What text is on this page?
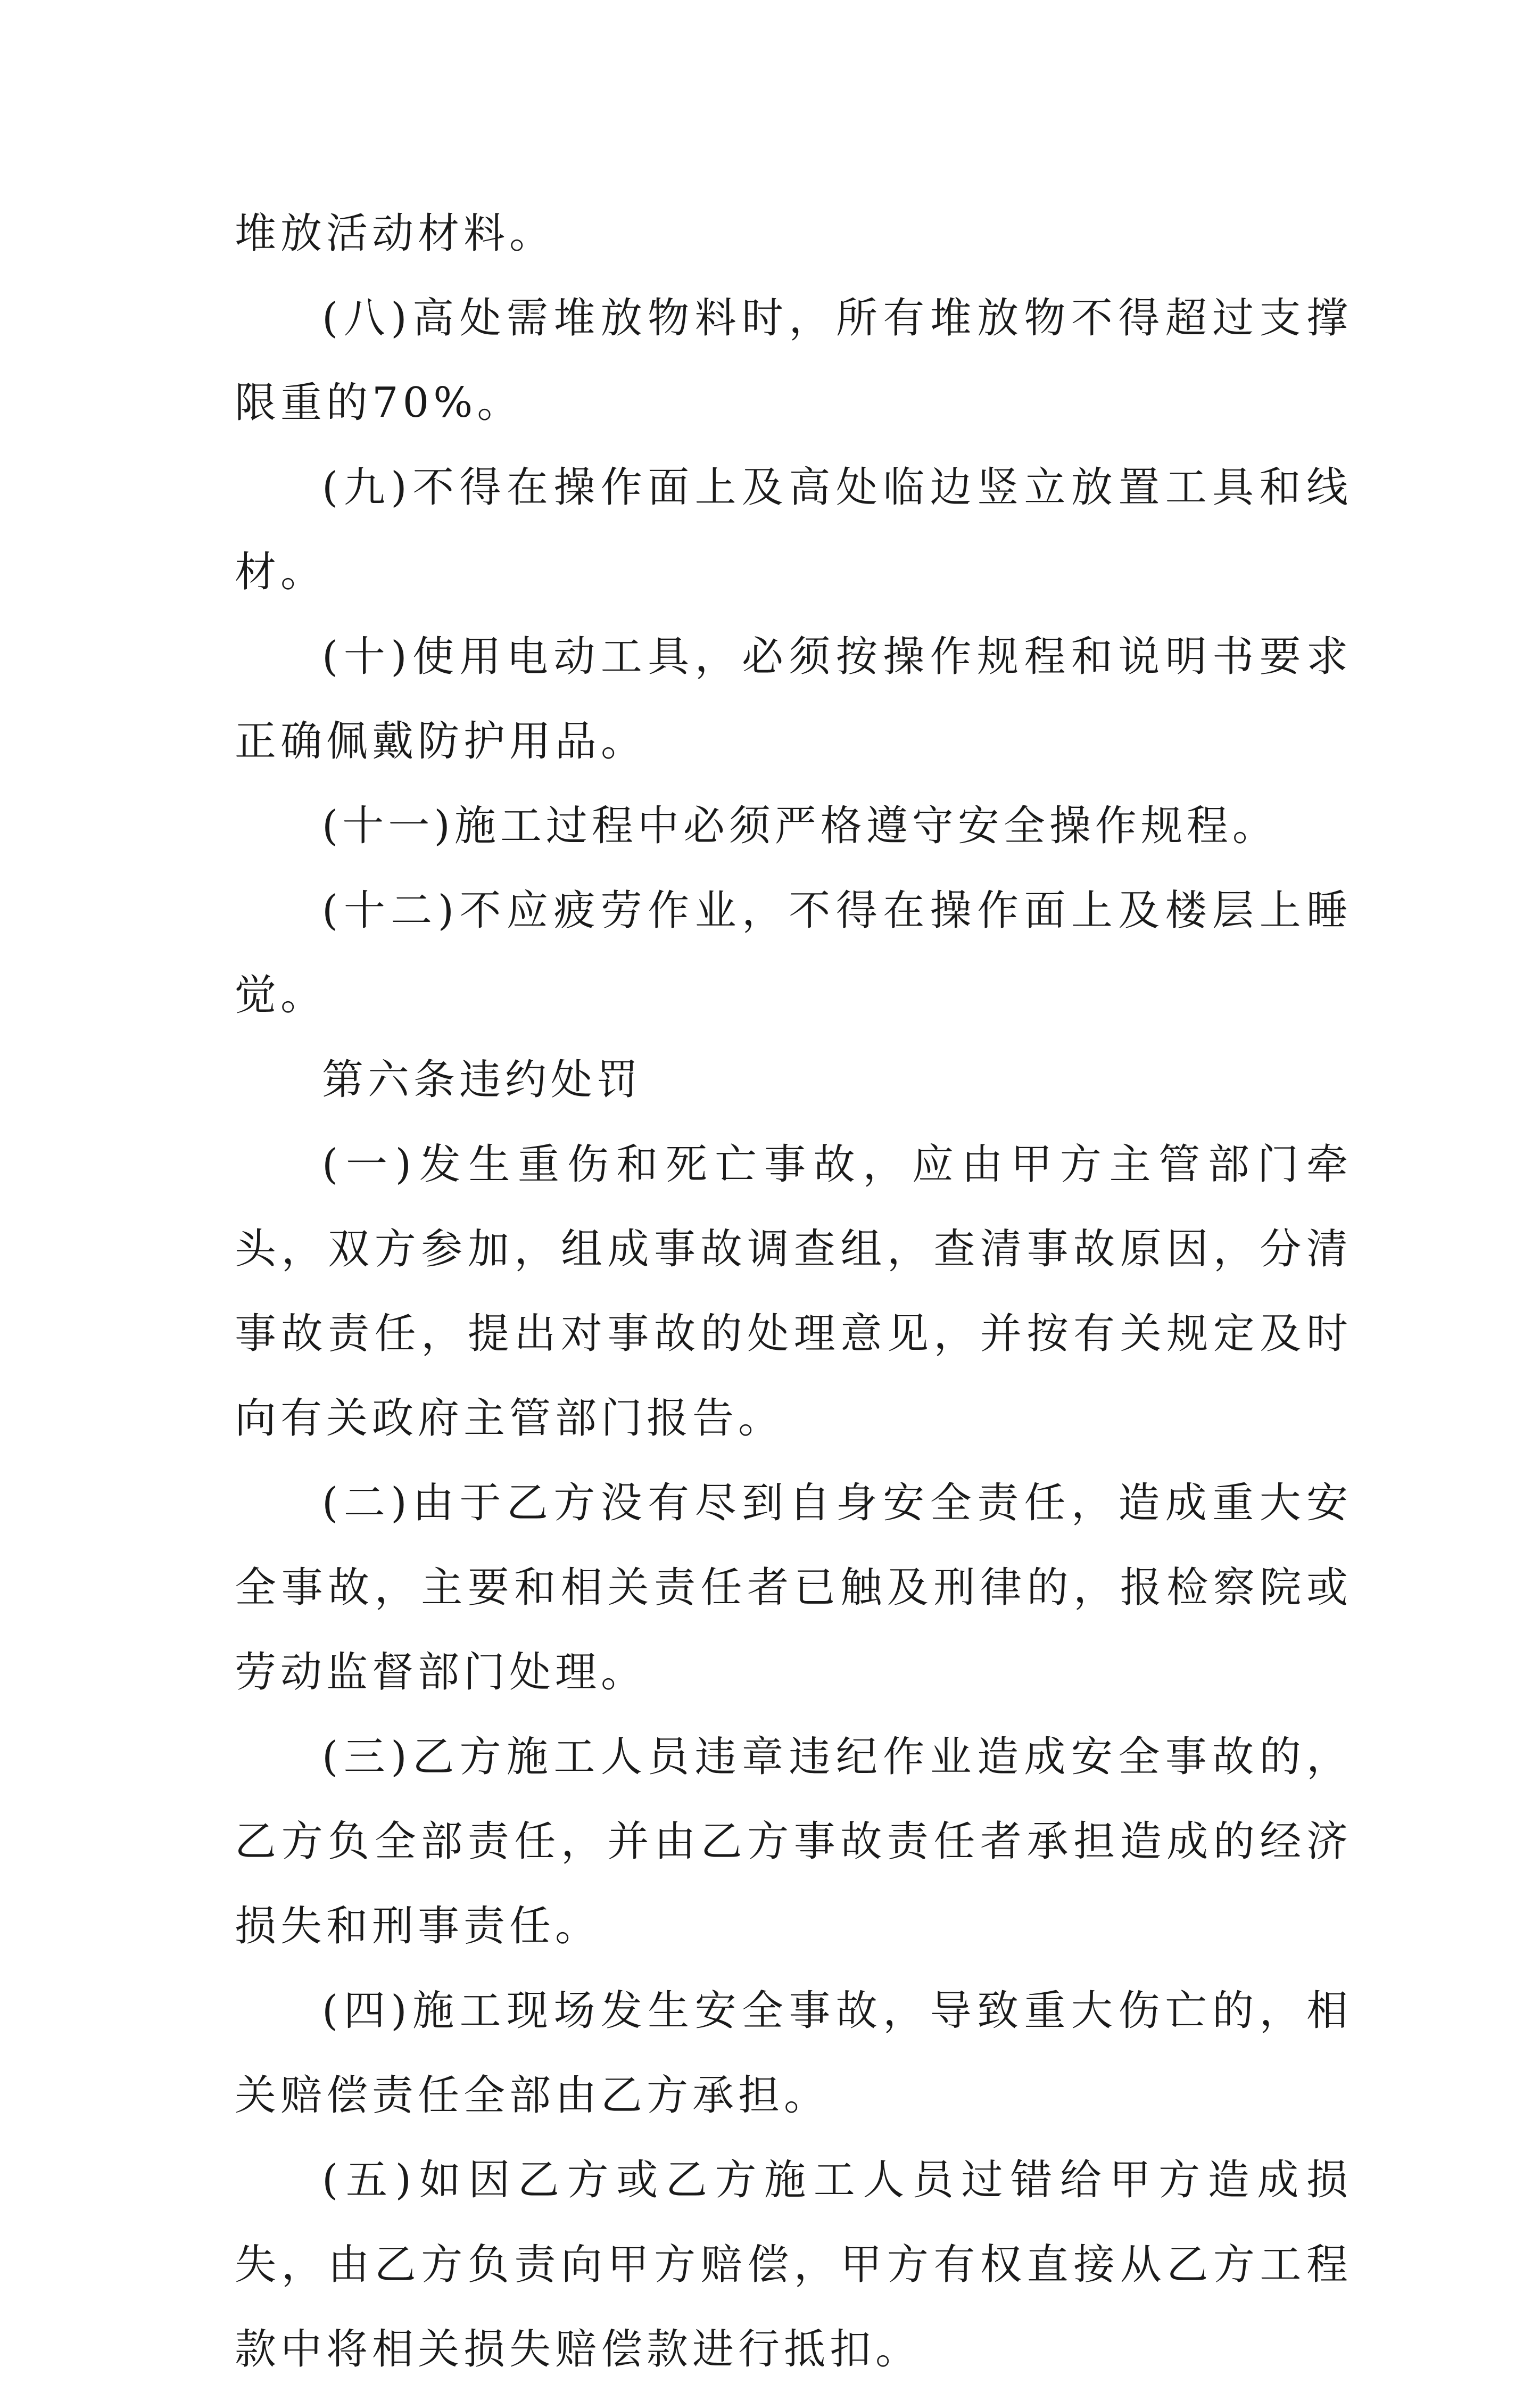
堆放活动材料。

(八)高处需堆放物料时，所有堆放物不得超过支撑限重的70%。

(九)不得在操作面上及高处临边竖立放置工具和线材。

(十)使用电动工具，必须按操作规程和说明书要求正确佩戴防护用品。

(十一)施工过程中必须严格遵守安全操作规程。

(十二)不应疲劳作业，不得在操作面上及楼层上睡觉。

第六条违约处罚

(一)发生重伤和死亡事故，应由甲方主管部门牵头，双方参加，组成事故调查组，查清事故原因，分清事故责任，提出对事故的处理意见，并按有关规定及时向有关政府主管部门报告。

(二)由于乙方没有尽到自身安全责任，造成重大安全事故，主要和相关责任者已触及刑律的，报检察院或劳动监督部门处理。

(三)乙方施工人员违章违纪作业造成安全事故的，乙方负全部责任，并由乙方事故责任者承担造成的经济损失和刑事责任。

(四)施工现场发生安全事故，导致重大伤亡的，相关赔偿责任全部由乙方承担。

(五)如因乙方或乙方施工人员过错给甲方造成损失，由乙方负责向甲方赔偿，甲方有权直接从乙方工程款中将相关损失赔偿款进行抵扣。
